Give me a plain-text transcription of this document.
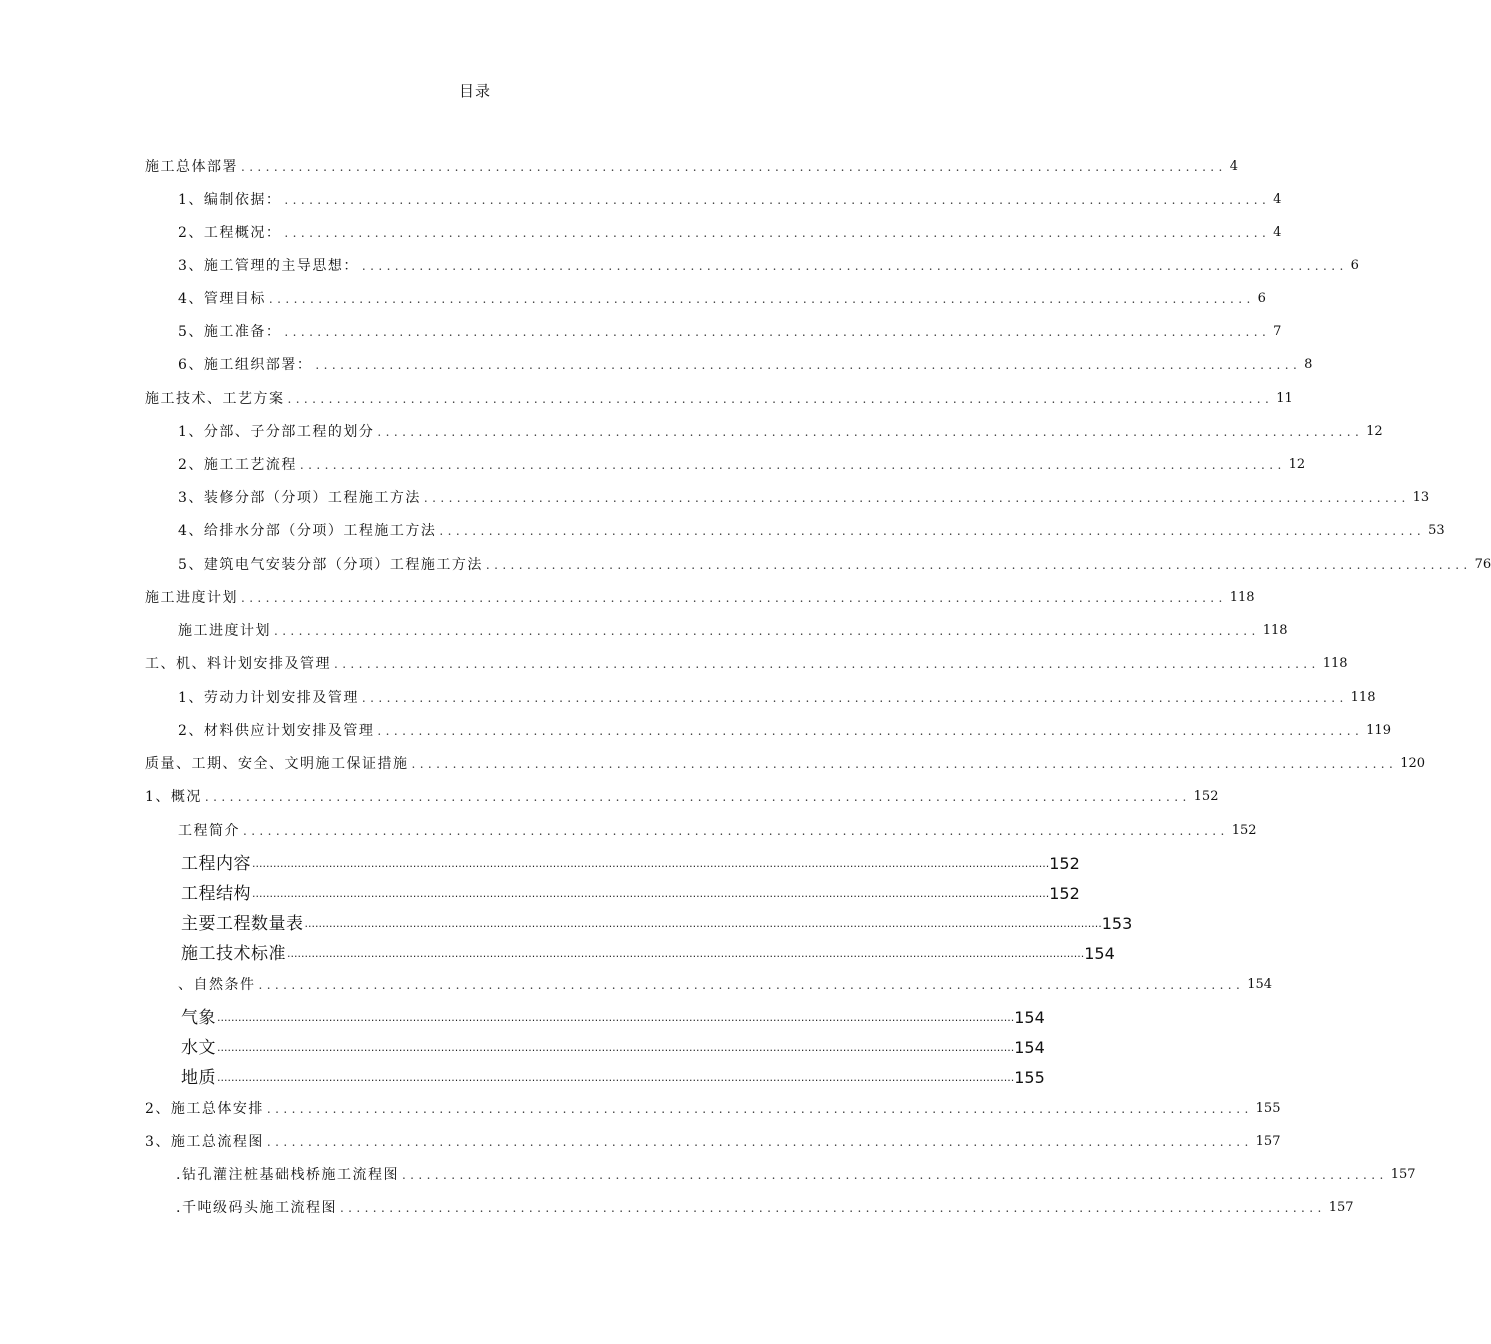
目录
施工总体部署 ........................................................................................................................ 4
1、编制依据： ........................................................................................................................ 4
2、工程概况： ........................................................................................................................ 4
3、施工管理的主导思想： ........................................................................................................................ 6
4、管理目标 ........................................................................................................................ 6
5、施工准备： ........................................................................................................................ 7
6、施工组织部署： ........................................................................................................................ 8
施工技术、工艺方案 ........................................................................................................................ 11
1、分部、子分部工程的划分 ........................................................................................................................ 12
2、施工工艺流程 ........................................................................................................................ 12
3、装修分部（分项）工程施工方法 ........................................................................................................................ 13
4、给排水分部（分项）工程施工方法 ........................................................................................................................ 53
5、建筑电气安装分部（分项）工程施工方法 ........................................................................................................................ 76
施工进度计划 ........................................................................................................................ 118
施工进度计划 ........................................................................................................................ 118
工、机、料计划安排及管理 ........................................................................................................................ 118
1、劳动力计划安排及管理 ........................................................................................................................ 118
2、材料供应计划安排及管理 ........................................................................................................................ 119
质量、工期、安全、文明施工保证措施 ........................................................................................................................ 120
1、概况 ........................................................................................................................ 152
工程简介 ........................................................................................................................ 152
工程内容 .................................................................................................................................................................................................................................... 152
工程结构 .................................................................................................................................................................................................................................... 152
主要工程数量表 .................................................................................................................................................................................................................................... 153
施工技术标准 .................................................................................................................................................................................................................................... 154
、自然条件 ........................................................................................................................ 154
气象 .................................................................................................................................................................................................................................... 154
水文 .................................................................................................................................................................................................................................... 154
地质 .................................................................................................................................................................................................................................... 155
2、施工总体安排 ........................................................................................................................ 155
3、施工总流程图 ........................................................................................................................ 157
.钻孔灌注桩基础栈桥施工流程图 ........................................................................................................................ 157
.千吨级码头施工流程图 ........................................................................................................................ 157
